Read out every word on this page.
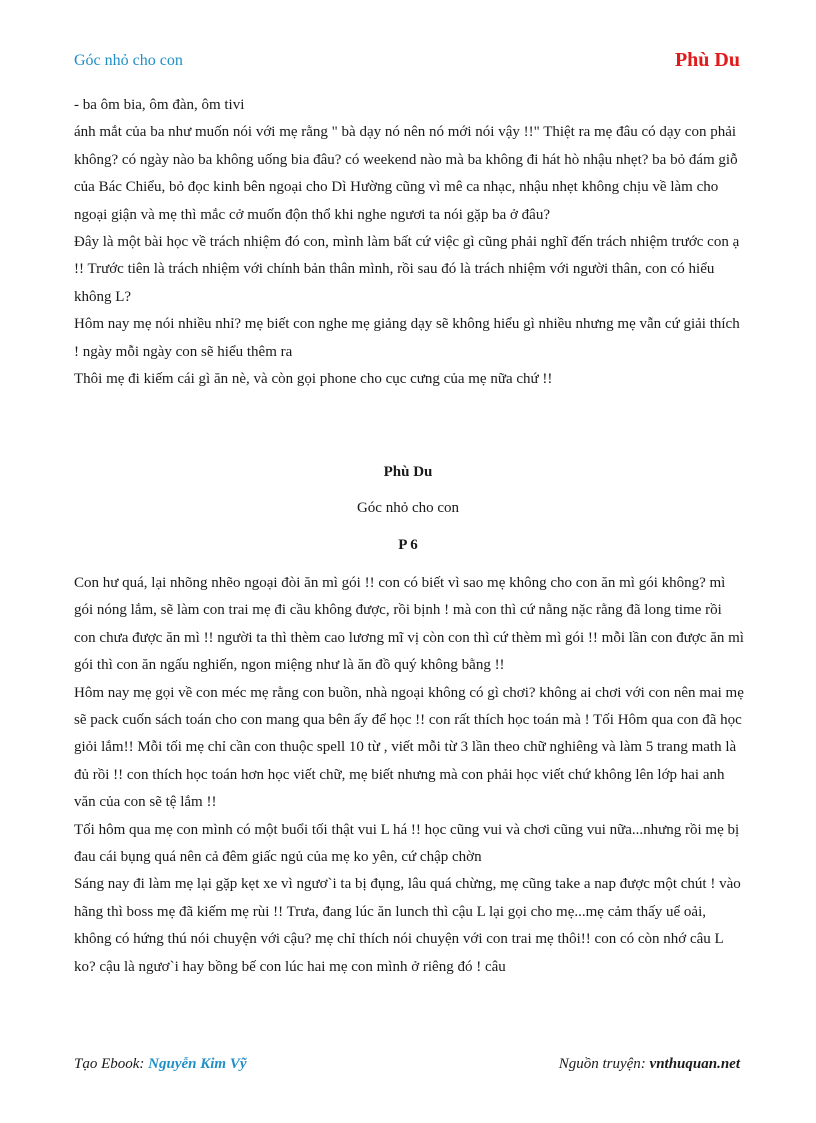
Góc nhỏ cho con	Phù Du

- ba ôm bia, ôm đàn, ôm tivi

ánh mắt của ba như muốn nói với mẹ rằng " bà dạy nó nên nó mới nói vậy !!" Thiệt ra mẹ đâu có dạy con phải không? có ngày nào ba không uống bia đâu? có weekend nào mà ba không đi hát hò nhậu nhẹt? ba bỏ đám giỗ của Bác Chiểu, bỏ đọc kinh bên ngoại cho Dì Hường cũng vì mê ca nhạc, nhậu nhẹt không chịu về làm cho ngoại giận và mẹ thì mắc cở muốn độn thổ khi nghe ngươi ta nói gặp ba ở đâu?

Đây là một bài học về trách nhiệm đó con, mình làm bất cứ việc gì cũng phải nghĩ đến trách nhiệm trước con ạ !! Trước tiên là trách nhiệm với chính bản thân mình, rồi sau đó là trách nhiệm với người thân, con có hiểu không L?

Hôm nay mẹ nói nhiều nhỉ? mẹ biết con nghe mẹ giảng dạy sẽ không hiểu gì nhiều nhưng mẹ vẫn cứ giải thích ! ngày mỗi ngày con sẽ hiểu thêm ra

Thôi mẹ đi kiếm cái gì ăn nè, và còn gọi phone cho cục cưng của mẹ nữa chứ !!

Phù Du
Góc nhỏ cho con
P 6

Con hư quá, lại nhõng nhẽo ngoại đòi ăn mì gói !! con có biết vì sao mẹ không cho con ăn mì gói không? mì gói nóng lắm, sẽ làm con trai mẹ đi cầu không được, rồi bịnh ! mà con thì cứ nằng nặc rằng đã long time rồi con chưa được ăn mì !! người ta thì thèm cao lương mĩ vị còn con thì cứ thèm mì gói !! mỗi lần con được ăn mì gói thì con ăn ngấu nghiến, ngon miệng như là ăn đồ quý không bằng !!

Hôm nay mẹ gọi về con méc mẹ rằng con buồn, nhà ngoại không có gì chơi? không ai chơi với con nên mai mẹ sẽ pack cuốn sách toán cho con mang qua bên ấy để học !! con rất thích học toán mà ! Tối Hôm qua con đã học giỏi lắm!! Mỗi tối mẹ chỉ cần con thuộc spell 10 từ , viết mỗi từ 3 lần theo chữ nghiêng và làm 5 trang math là đủ rồi !! con thích học toán hơn học viết chữ, mẹ biết nhưng mà con phải học viết chứ không lên lớp hai anh văn của con sẽ tệ lắm !!

Tối hôm qua mẹ con mình có một buổi tối thật vui L há !! học cũng vui và chơi cũng vui nữa...nhưng rồi mẹ bị đau cái bụng quá nên cả đêm giấc ngủ của mẹ ko yên, cứ chập chờn

Sáng nay đi làm mẹ lại gặp kẹt xe vì ngươ`i ta bị đụng, lâu quá chừng, mẹ cũng take a nap được một chút ! vào hãng thì boss mẹ đã kiếm mẹ rùi !! Trưa, đang lúc ăn lunch thì cậu L lại gọi cho mẹ...mẹ cảm thấy uể oải, không có hứng thú nói chuyện với cậu? mẹ chỉ thích nói chuyện với con trai mẹ thôi!! con có còn nhớ câu L ko? cậu là ngươ`i hay bồng bế con lúc hai mẹ con mình ở riêng đó ! câu

Tạo Ebook: Nguyễn Kim Vỹ	Nguồn truyện: vnthuquan.net
